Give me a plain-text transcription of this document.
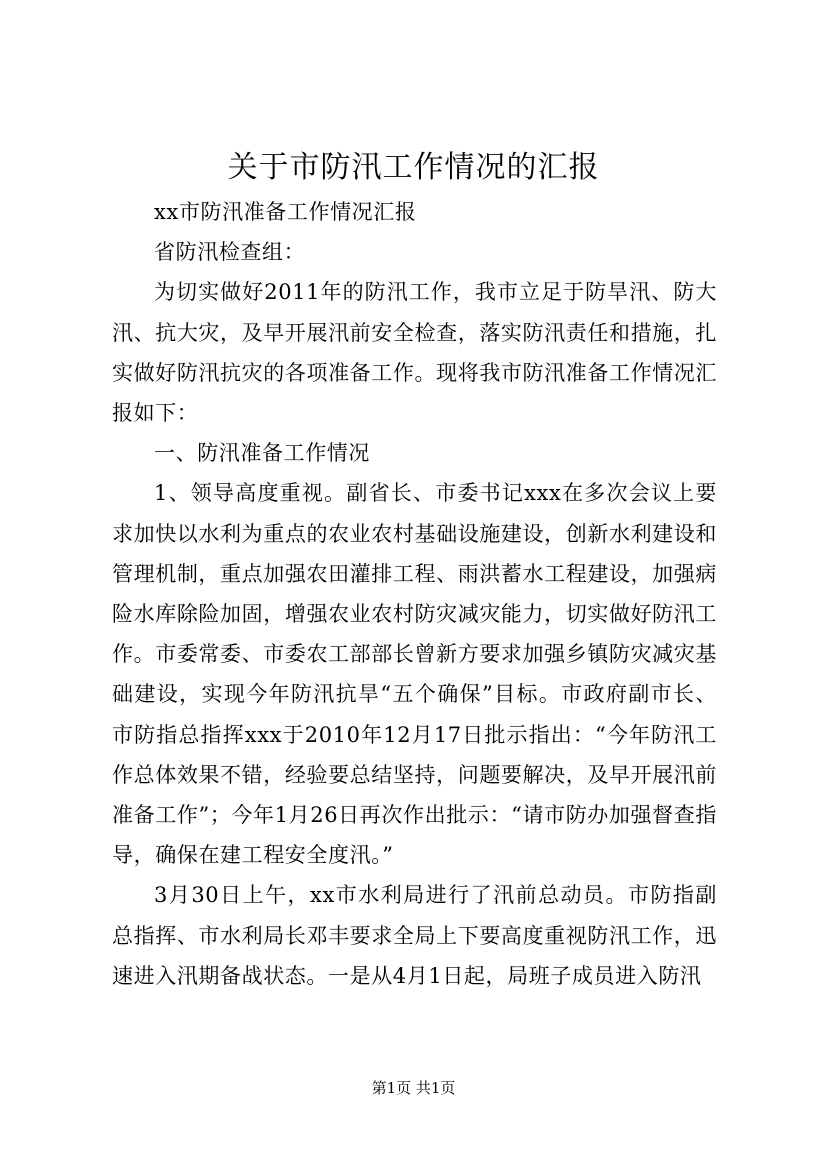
关于市防汛工作情况的汇报

xx市防汛准备工作情况汇报

省防汛检查组：

为切实做好2011年的防汛工作，我市立足于防旱汛、防大汛、抗大灾，及早开展汛前安全检查，落实防汛责任和措施，扎实做好防汛抗灾的各项准备工作。现将我市防汛准备工作情况汇报如下：

一、防汛准备工作情况

1、领导高度重视。副省长、市委书记xxx在多次会议上要求加快以水利为重点的农业农村基础设施建设，创新水利建设和管理机制，重点加强农田灌排工程、雨洪蓄水工程建设，加强病险水库除险加固，增强农业农村防灾减灾能力，切实做好防汛工作。市委常委、市委农工部部长曾新方要求加强乡镇防灾减灾基础建设，实现今年防汛抗旱“五个确保”目标。市政府副市长、市防指总指挥xxx于2010年12月17日批示指出：“今年防汛工作总体效果不错，经验要总结坚持，问题要解决，及早开展汛前准备工作”；今年1月26日再次作出批示：“请市防办加强督查指导，确保在建工程安全度汛。”

3月30日上午，xx市水利局进行了汛前总动员。市防指副总指挥、市水利局长邓丰要求全局上下要高度重视防汛工作，迅速进入汛期备战状态。一是从4月1日起，局班子成员进入防汛

第1页 共1页
